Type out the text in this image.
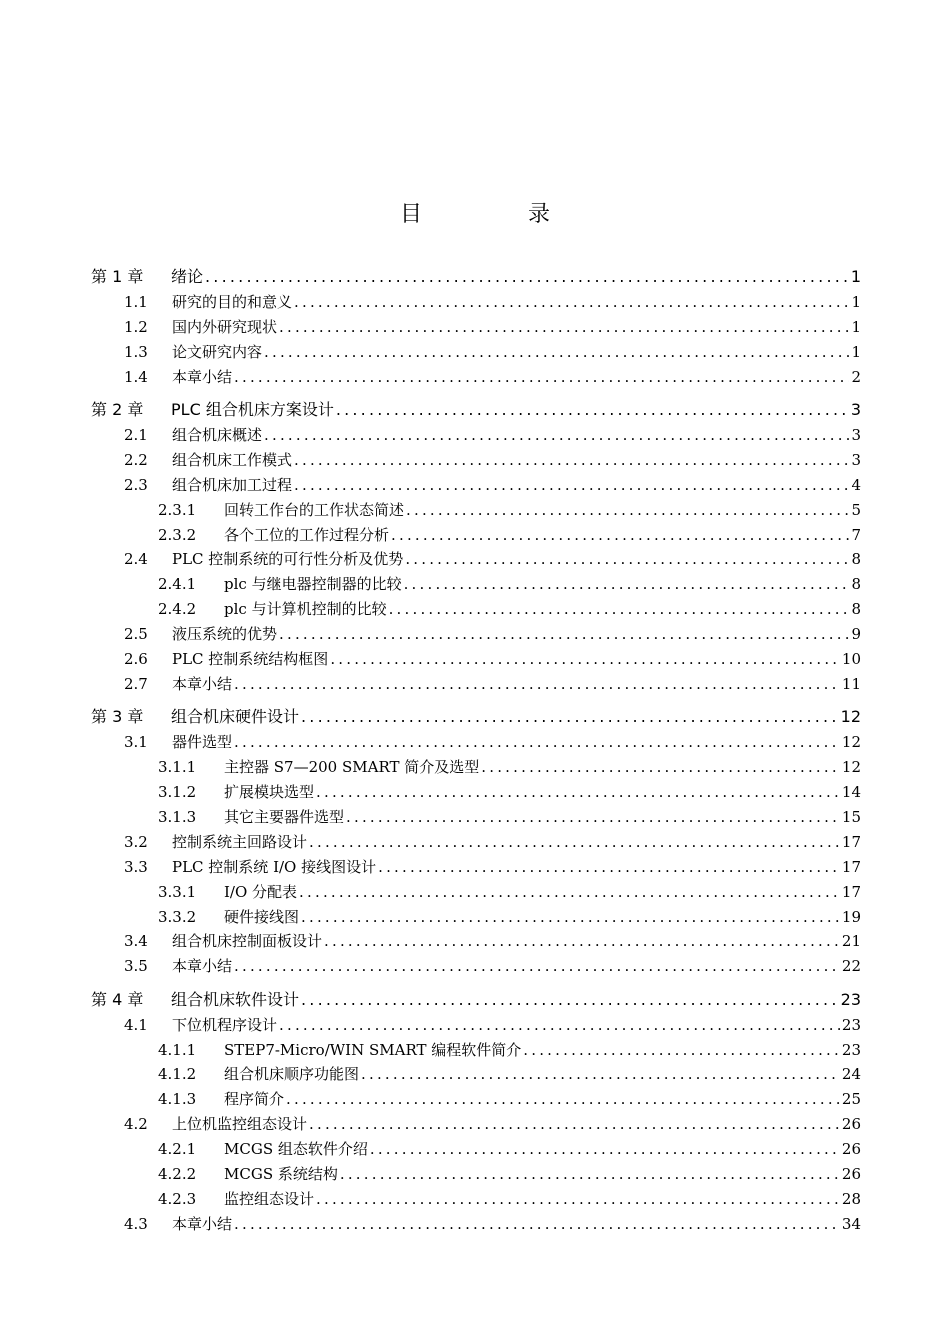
目　录
第 1 章	绪论 .....	1
1.1	研究的目的和意义 .....	1
1.2	国内外研究现状 .....	1
1.3	论文研究内容 .....	1
1.4	本章小结 .....	2
第 2 章	PLC 组合机床方案设计 .....	3
2.1	组合机床概述 .....	3
2.2	组合机床工作模式 .....	3
2.3	组合机床加工过程 .....	4
2.3.1	回转工作台的工作状态简述 .....	5
2.3.2	各个工位的工作过程分析 .....	7
2.4	PLC 控制系统的可行性分析及优势 .....	8
2.4.1	plc 与继电器控制器的比较 .....	8
2.4.2	plc 与计算机控制的比较 .....	8
2.5	液压系统的优势 .....	9
2.6	PLC 控制系统结构框图 .....	10
2.7	本章小结 .....	11
第 3 章	组合机床硬件设计 .....	12
3.1	器件选型 .....	12
3.1.1	主控器 S7—200 SMART 简介及选型 .....	12
3.1.2	扩展模块选型 .....	14
3.1.3	其它主要器件选型 .....	15
3.2	控制系统主回路设计 .....	17
3.3	PLC 控制系统 I/O 接线图设计 .....	17
3.3.1	I/O 分配表 .....	17
3.3.2	硬件接线图 .....	19
3.4	组合机床控制面板设计 .....	21
3.5	本章小结 .....	22
第 4 章	组合机床软件设计 .....	23
4.1	下位机程序设计 .....	23
4.1.1	STEP7-Micro/WIN SMART 编程软件简介 .....	23
4.1.2	组合机床顺序功能图 .....	24
4.1.3	程序简介 .....	25
4.2	上位机监控组态设计 .....	26
4.2.1	MCGS 组态软件介绍 .....	26
4.2.2	MCGS 系统结构 .....	26
4.2.3	监控组态设计 .....	28
4.3	本章小结 .....	34
